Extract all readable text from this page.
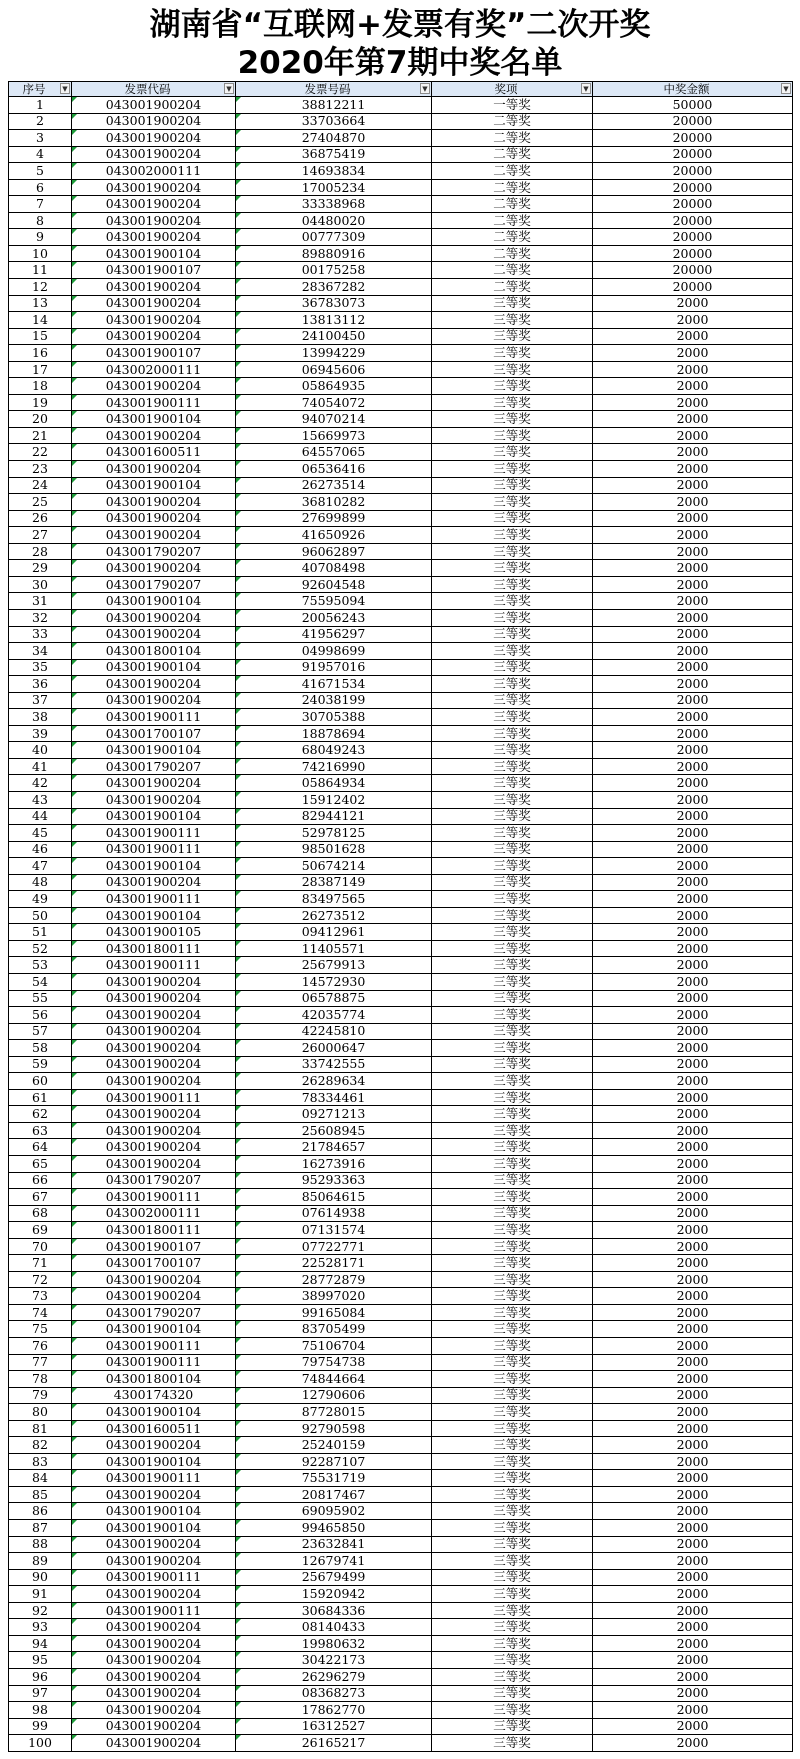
湖南省“互联网+发票有奖”二次开奖
2020年第7期中奖名单
序号 ▼	发票代码 ▼	发票号码 ▼	奖项 ▼	中奖金额 ▼

1	043001900204	38812211	一等奖	50000
2	043001900204	33703664	二等奖	20000
3	043001900204	27404870	二等奖	20000
4	043001900204	36875419	二等奖	20000
5	043002000111	14693834	二等奖	20000
6	043001900204	17005234	二等奖	20000
7	043001900204	33338968	二等奖	20000
8	043001900204	04480020	二等奖	20000
9	043001900204	00777309	二等奖	20000
10	043001900104	89880916	二等奖	20000
11	043001900107	00175258	二等奖	20000
12	043001900204	28367282	二等奖	20000
13	043001900204	36783073	三等奖	2000
14	043001900204	13813112	三等奖	2000
15	043001900204	24100450	三等奖	2000
16	043001900107	13994229	三等奖	2000
17	043002000111	06945606	三等奖	2000
18	043001900204	05864935	三等奖	2000
19	043001900111	74054072	三等奖	2000
20	043001900104	94070214	三等奖	2000
21	043001900204	15669973	三等奖	2000
22	043001600511	64557065	三等奖	2000
23	043001900204	06536416	三等奖	2000
24	043001900104	26273514	三等奖	2000
25	043001900204	36810282	三等奖	2000
26	043001900204	27699899	三等奖	2000
27	043001900204	41650926	三等奖	2000
28	043001790207	96062897	三等奖	2000
29	043001900204	40708498	三等奖	2000
30	043001790207	92604548	三等奖	2000
31	043001900104	75595094	三等奖	2000
32	043001900204	20056243	三等奖	2000
33	043001900204	41956297	三等奖	2000
34	043001800104	04998699	三等奖	2000
35	043001900104	91957016	三等奖	2000
36	043001900204	41671534	三等奖	2000
37	043001900204	24038199	三等奖	2000
38	043001900111	30705388	三等奖	2000
39	043001700107	18878694	三等奖	2000
40	043001900104	68049243	三等奖	2000
41	043001790207	74216990	三等奖	2000
42	043001900204	05864934	三等奖	2000
43	043001900204	15912402	三等奖	2000
44	043001900104	82944121	三等奖	2000
45	043001900111	52978125	三等奖	2000
46	043001900111	98501628	三等奖	2000
47	043001900104	50674214	三等奖	2000
48	043001900204	28387149	三等奖	2000
49	043001900111	83497565	三等奖	2000
50	043001900104	26273512	三等奖	2000
51	043001900105	09412961	三等奖	2000
52	043001800111	11405571	三等奖	2000
53	043001900111	25679913	三等奖	2000
54	043001900204	14572930	三等奖	2000
55	043001900204	06578875	三等奖	2000
56	043001900204	42035774	三等奖	2000
57	043001900204	42245810	三等奖	2000
58	043001900204	26000647	三等奖	2000
59	043001900204	33742555	三等奖	2000
60	043001900204	26289634	三等奖	2000
61	043001900111	78334461	三等奖	2000
62	043001900204	09271213	三等奖	2000
63	043001900204	25608945	三等奖	2000
64	043001900204	21784657	三等奖	2000
65	043001900204	16273916	三等奖	2000
66	043001790207	95293363	三等奖	2000
67	043001900111	85064615	三等奖	2000
68	043002000111	07614938	三等奖	2000
69	043001800111	07131574	三等奖	2000
70	043001900107	07722771	三等奖	2000
71	043001700107	22528171	三等奖	2000
72	043001900204	28772879	三等奖	2000
73	043001900204	38997020	三等奖	2000
74	043001790207	99165084	三等奖	2000
75	043001900104	83705499	三等奖	2000
76	043001900111	75106704	三等奖	2000
77	043001900111	79754738	三等奖	2000
78	043001800104	74844664	三等奖	2000
79	4300174320	12790606	三等奖	2000
80	043001900104	87728015	三等奖	2000
81	043001600511	92790598	三等奖	2000
82	043001900204	25240159	三等奖	2000
83	043001900104	92287107	三等奖	2000
84	043001900111	75531719	三等奖	2000
85	043001900204	20817467	三等奖	2000
86	043001900104	69095902	三等奖	2000
87	043001900104	99465850	三等奖	2000
88	043001900204	23632841	三等奖	2000
89	043001900204	12679741	三等奖	2000
90	043001900111	25679499	三等奖	2000
91	043001900204	15920942	三等奖	2000
92	043001900111	30684336	三等奖	2000
93	043001900204	08140433	三等奖	2000
94	043001900204	19980632	三等奖	2000
95	043001900204	30422173	三等奖	2000
96	043001900204	26296279	三等奖	2000
97	043001900204	08368273	三等奖	2000
98	043001900204	17862770	三等奖	2000
99	043001900204	16312527	三等奖	2000
100	043001900204	26165217	三等奖	2000
